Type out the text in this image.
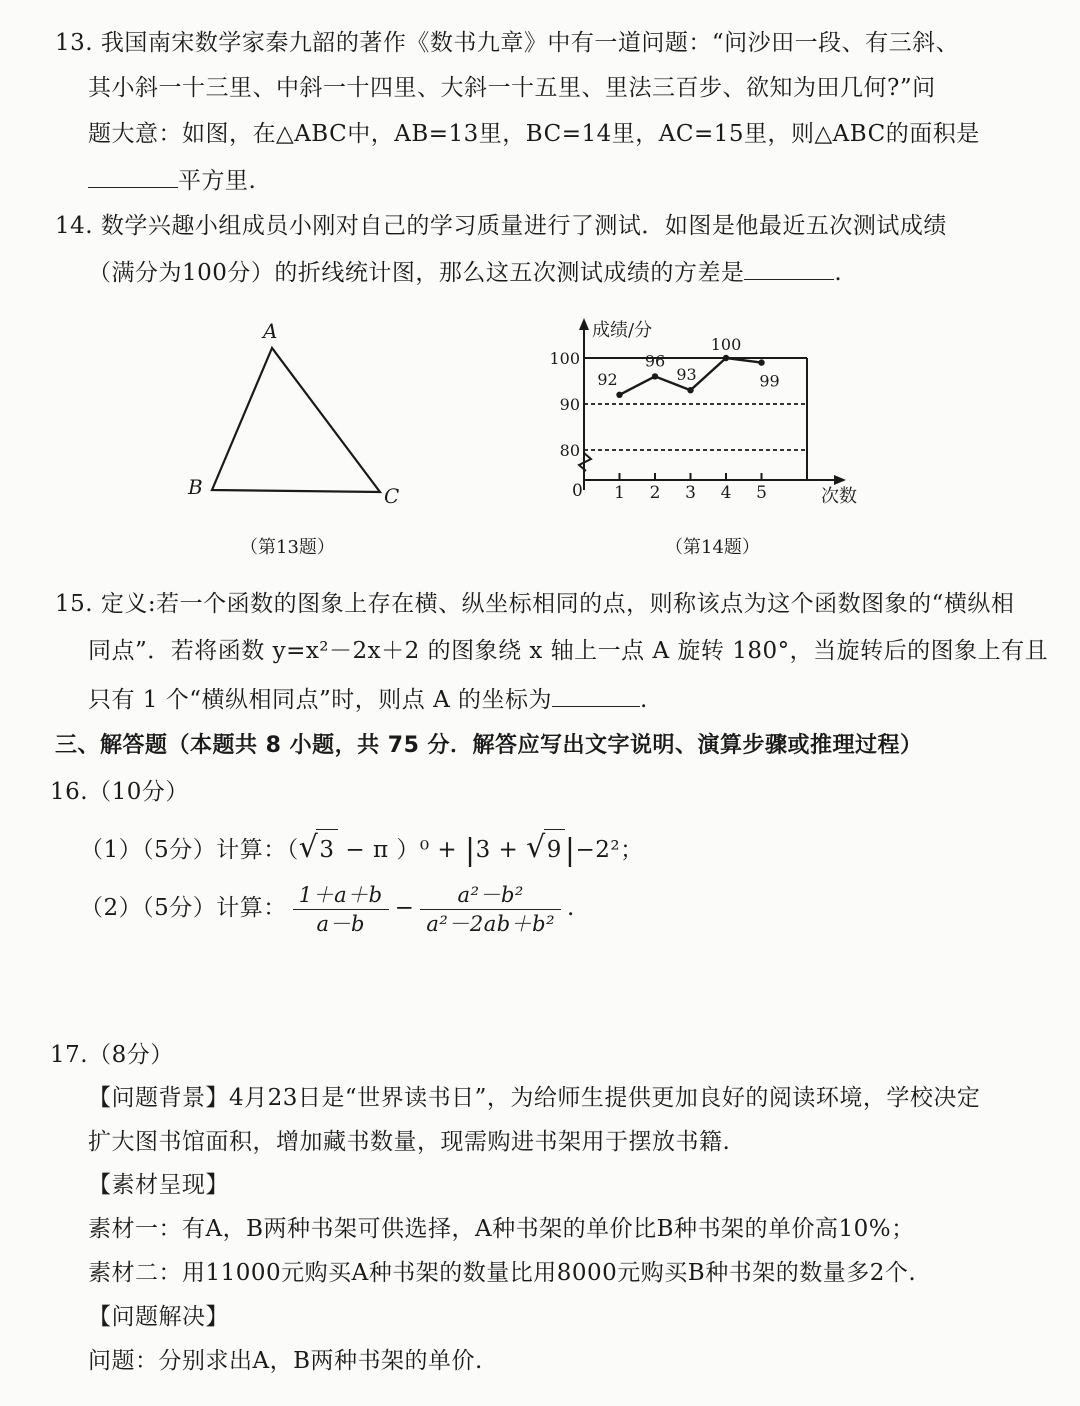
13. 我国南宋数学家秦九韶的著作《数书九章》中有一道问题：“问沙田一段、有三斜、
其小斜一十三里、中斜一十四里、大斜一十五里、里法三百步、欲知为田几何?”问
题大意：如图，在△ABC中，AB=13里，BC=14里，AC=15里，则△ABC的面积是
平方里.
14. 数学兴趣小组成员小刚对自己的学习质量进行了测试．如图是他最近五次测试成绩
（满分为100分）的折线统计图，那么这五次测试成绩的方差是	.
A
B	C
（第13题）
成绩/分
次数
0
100
90
80
1 2 3 4 5
92
96
93
100
99
（第14题）
15. 定义:若一个函数的图象上存在横、纵坐标相同的点，则称该点为这个函数图象的“横纵相
同点”．若将函数 y=x²－2x＋2 的图象绕 x 轴上一点 A 旋转 180°，当旋转后的图象上有且
只有 1 个“横纵相同点”时，则点 A 的坐标为	.
三、解答题（本题共 8 小题，共 75 分．解答应写出文字说明、演算步骤或推理过程）
16.（10分）
（1）（5分）计算：（√3 − π ）⁰ + |3 + √9 |−2²；
（2）（5分）计算： $\frac{1+a+b}{a-b} - \frac{\text{a²－b²}}{\text{a²－2ab＋b²}}$ .
17.（8分）
【问题背景】4月23日是“世界读书日”，为给师生提供更加良好的阅读环境，学校决定
扩大图书馆面积，增加藏书数量，现需购进书架用于摆放书籍.
【素材呈现】
素材一：有A，B两种书架可供选择，A种书架的单价比B种书架的单价高10%；
素材二：用11000元购买A种书架的数量比用8000元购买B种书架的数量多2个.
【问题解决】
问题：分别求出A，B两种书架的单价.
